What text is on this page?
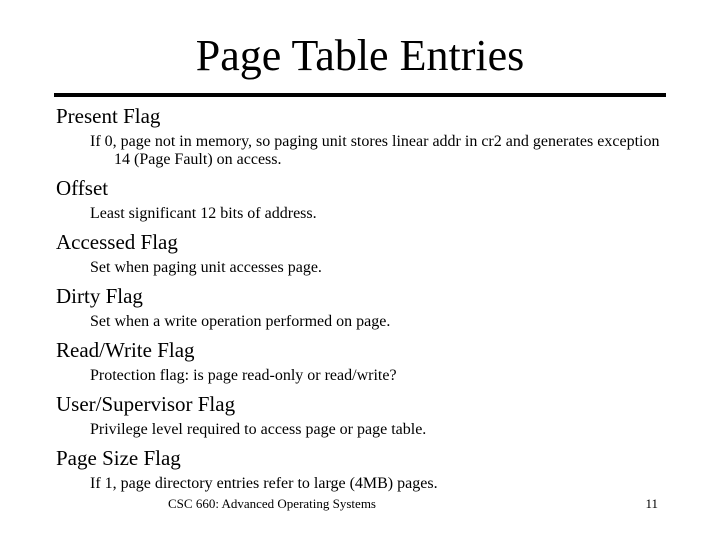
Page Table Entries

Present Flag

If 0, page not in memory, so paging unit stores linear addr in cr2 and generates exception 14 (Page Fault) on access.

Offset

Least significant 12 bits of address.

Accessed Flag

Set when paging unit accesses page.

Dirty Flag

Set when a write operation performed on page.

Read/Write Flag

Protection flag: is page read-only or read/write?

User/Supervisor Flag

Privilege level required to access page or page table.

Page Size Flag

If 1, page directory entries refer to large (4MB) pages.

CSC 660: Advanced Operating Systems	11
